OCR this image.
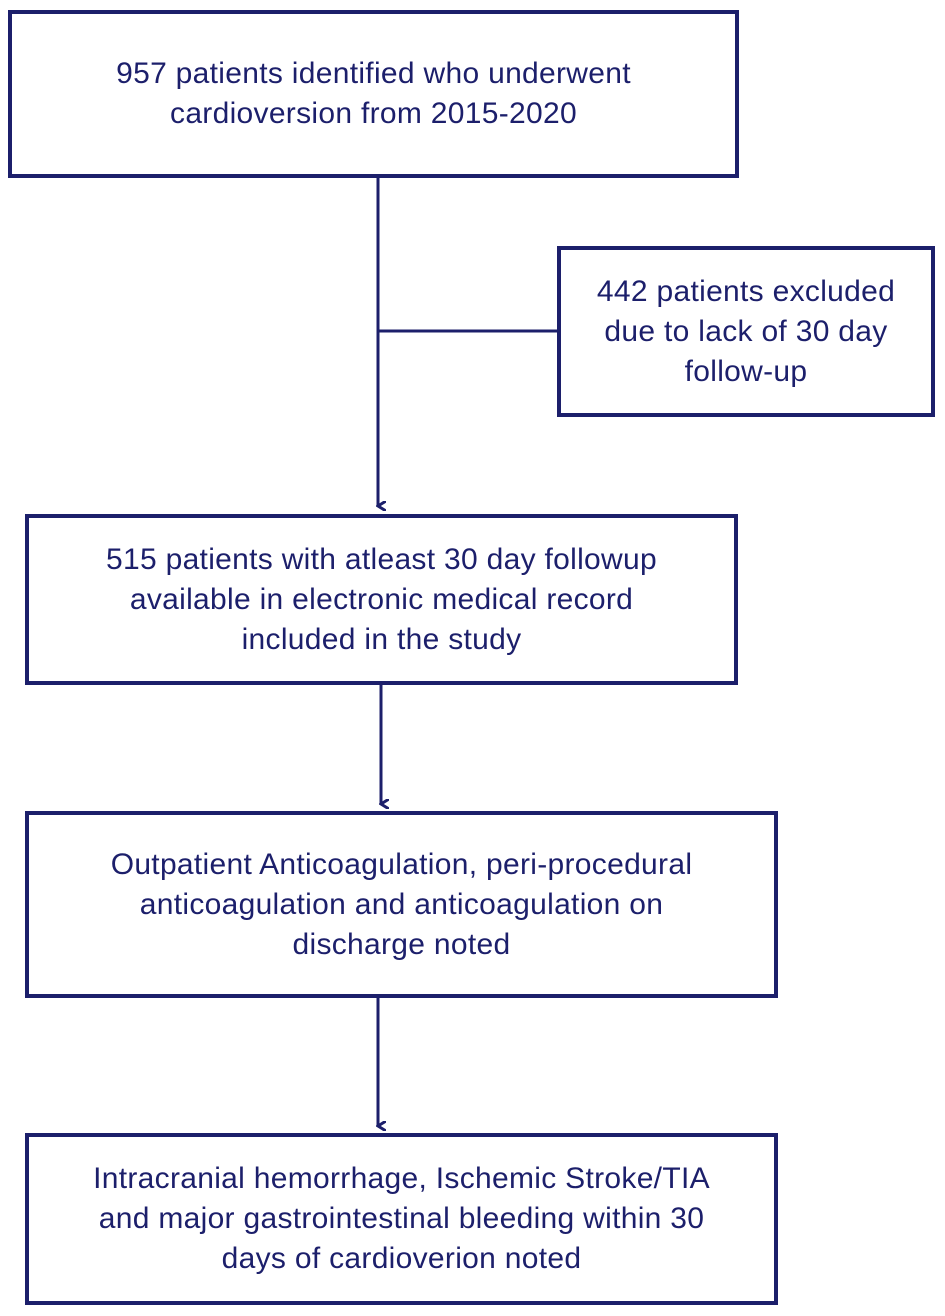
957 patients identified who underwent
cardioversion from 2015-2020
442 patients excluded
due to lack of 30 day
follow-up
515 patients with atleast 30 day followup
available in electronic medical record
included in the study
Outpatient Anticoagulation, peri-procedural
anticoagulation and anticoagulation on
discharge noted
Intracranial hemorrhage, Ischemic Stroke/TIA
and major gastrointestinal bleeding within 30
days of cardioverion noted
